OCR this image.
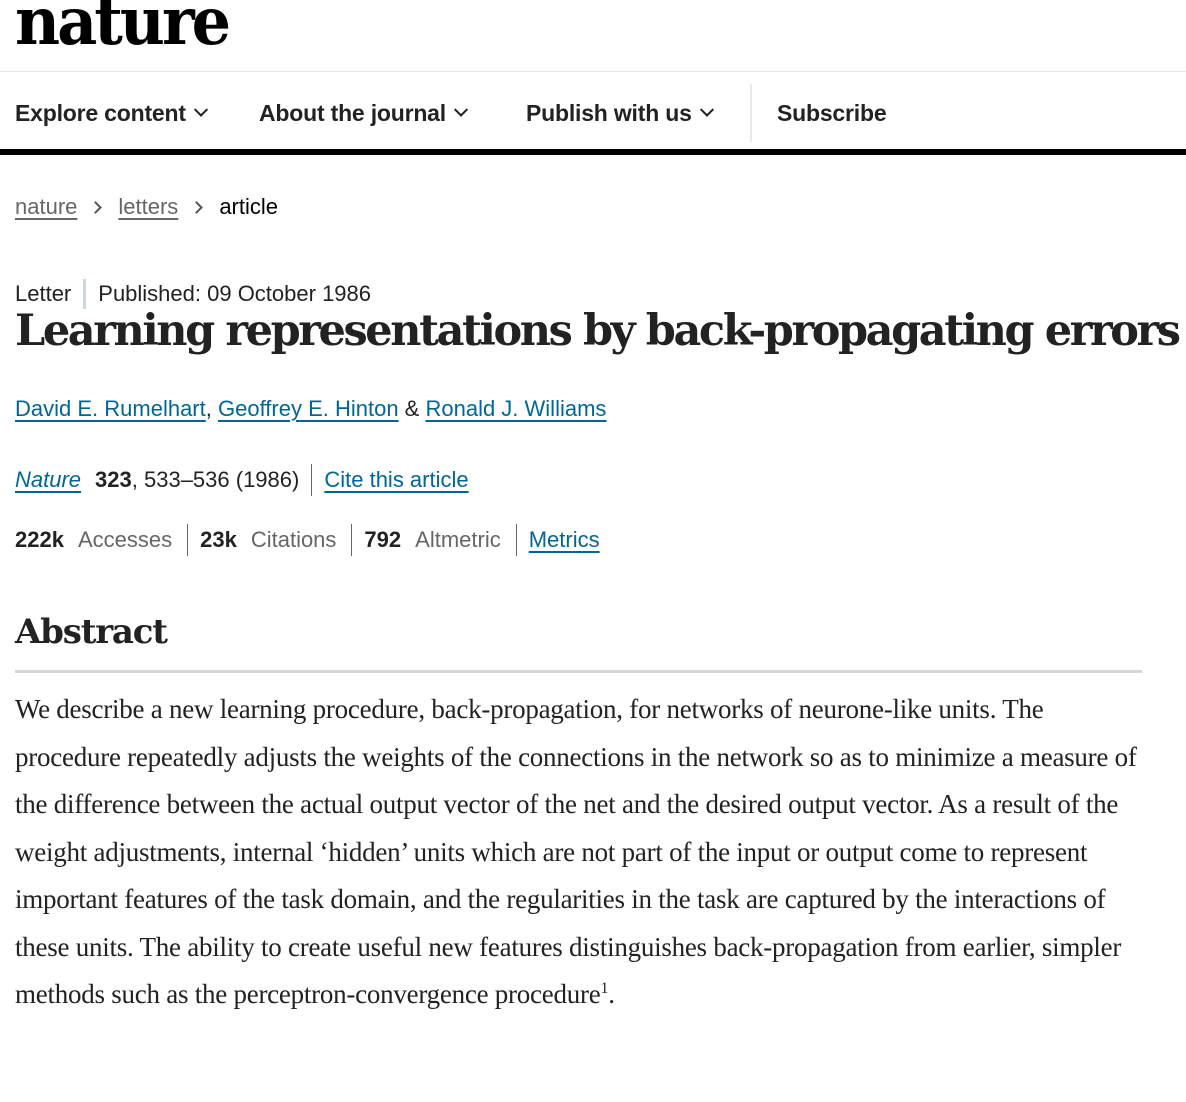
nature
Explore content	About the journal	Publish with us	Subscribe
nature letters article
Letter Published: 09 October 1986
Learning representations by back-propagating errors
David E. Rumelhart, Geoffrey E. Hinton & Ronald J. Williams
Nature 323 , 533–536 (1986) Cite this article
222k Accesses 23k Citations 792 Altmetric Metrics
Abstract

We describe a new learning procedure, back-propagation, for networks of neurone-like units. The procedure repeatedly adjusts the weights of the connections in the network so as to minimize a measure of the difference between the actual output vector of the net and the desired output vector. As a result of the weight adjustments, internal ‘hidden’ units which are not part of the input or output come to represent important features of the task domain, and the regularities in the task are captured by the interactions of these units. The ability to create useful new features distinguishes back-propagation from earlier, simpler methods such as the perceptron-convergence procedure$^1$.
